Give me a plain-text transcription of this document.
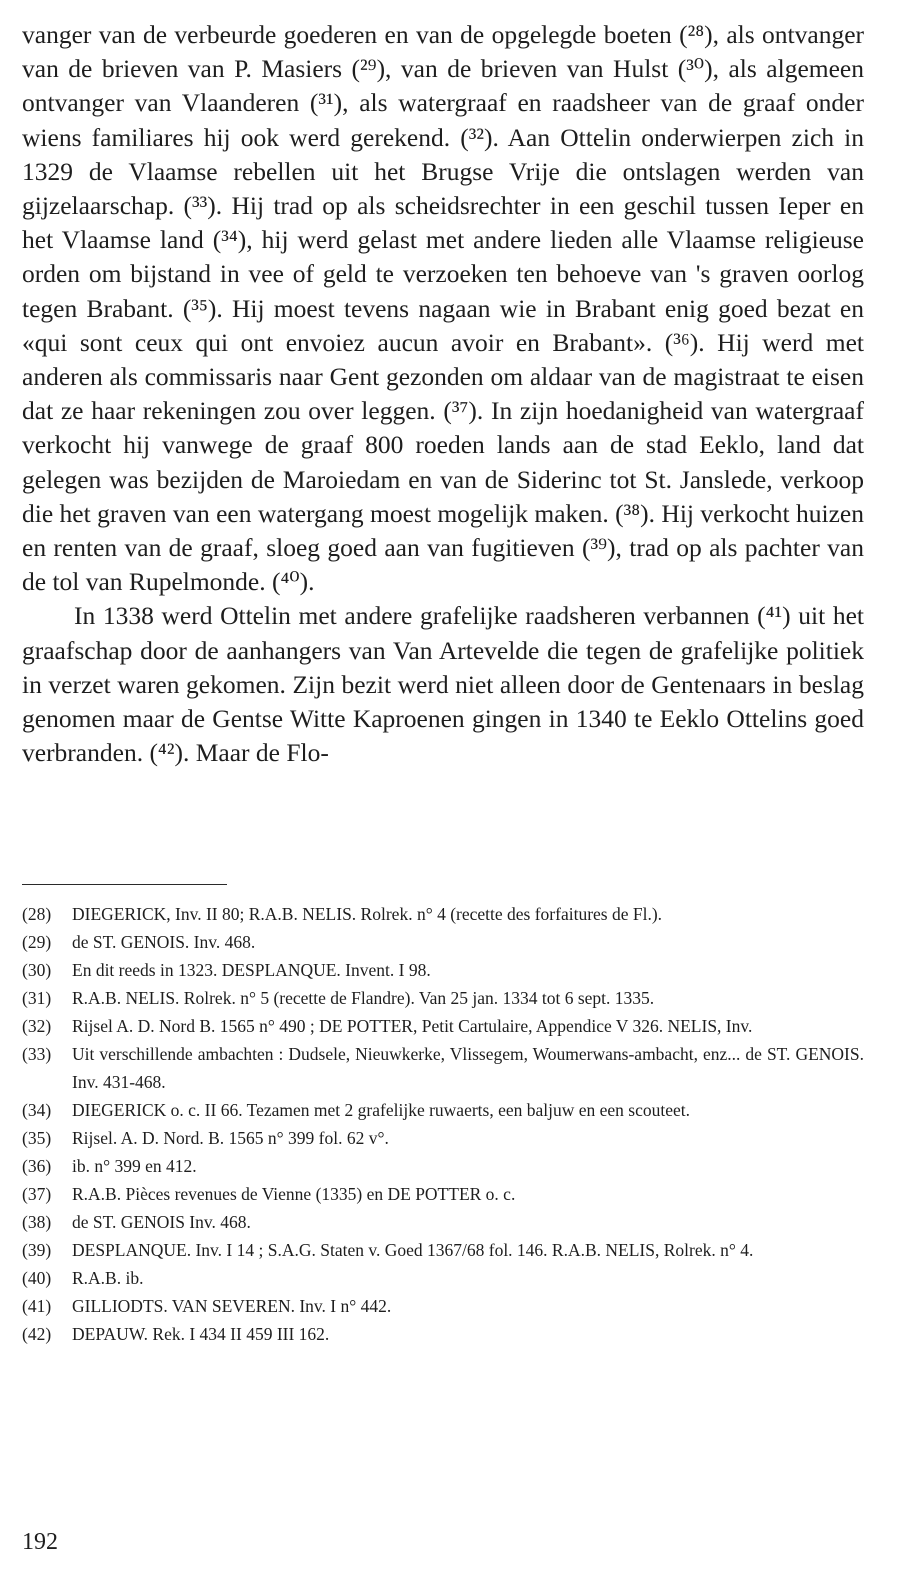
vanger van de verbeurde goederen en van de opgelegde boeten (²⁸), als ontvanger van de brieven van P. Masiers (²⁹), van de brieven van Hulst (³⁰), als algemeen ontvanger van Vlaanderen (³¹), als watergraaf en raadsheer van de graaf onder wiens familiares hij ook werd gerekend. (³²). Aan Ottelin onderwierpen zich in 1329 de Vlaamse rebellen uit het Brugse Vrije die ontslagen werden van gijzelaarschap. (³³). Hij trad op als scheidsrechter in een geschil tussen Ieper en het Vlaamse land (³⁴), hij werd gelast met andere lieden alle Vlaamse religieuse orden om bijstand in vee of geld te verzoeken ten behoeve van 's graven oorlog tegen Brabant. (³⁵). Hij moest tevens nagaan wie in Brabant enig goed bezat en «qui sont ceux qui ont envoiez aucun avoir en Brabant». (³⁶). Hij werd met anderen als commissaris naar Gent gezonden om aldaar van de magistraat te eisen dat ze haar rekeningen zou over leggen. (³⁷). In zijn hoedanigheid van watergraaf verkocht hij vanwege de graaf 800 roeden lands aan de stad Eeklo, land dat gelegen was bezijden de Maroiedam en van de Siderinc tot St. Janslede, verkoop die het graven van een watergang moest mogelijk maken. (³⁸). Hij verkocht huizen en renten van de graaf, sloeg goed aan van fugitieven (³⁹), trad op als pachter van de tol van Rupelmonde. (⁴⁰).

In 1338 werd Ottelin met andere grafelijke raadsheren verbannen (⁴¹) uit het graafschap door de aanhangers van Van Artevelde die tegen de grafelijke politiek in verzet waren gekomen. Zijn bezit werd niet alleen door de Gentenaars in beslag genomen maar de Gentse Witte Kaproenen gingen in 1340 te Eeklo Ottelins goed verbranden. (⁴²). Maar de Flo-

(28)	DIEGERICK, Inv. II 80; R.A.B. NELIS. Rolrek. n° 4 (recette des forfaitures de Fl.).
(29)	de ST. GENOIS. Inv. 468.
(30)	En dit reeds in 1323. DESPLANQUE. Invent. I 98.
(31)	R.A.B. NELIS. Rolrek. n° 5 (recette de Flandre). Van 25 jan. 1334 tot 6 sept. 1335.
(32)	Rijsel A. D. Nord B. 1565 n° 490 ; DE POTTER, Petit Cartulaire, Appendice V 326. NELIS, Inv.
(33)	Uit verschillende ambachten : Dudsele, Nieuwkerke, Vlissegem, Woumerwans-ambacht, enz... de ST. GENOIS. Inv. 431-468.
(34)	DIEGERICK o. c. II 66. Tezamen met 2 grafelijke ruwaerts, een baljuw en een scouteet.
(35)	Rijsel. A. D. Nord. B. 1565 n° 399 fol. 62 v°.
(36)	ib. n° 399 en 412.
(37)	R.A.B. Pièces revenues de Vienne (1335) en DE POTTER o. c.
(38)	de ST. GENOIS Inv. 468.
(39)	DESPLANQUE. Inv. I 14 ; S.A.G. Staten v. Goed 1367/68 fol. 146. R.A.B. NELIS, Rolrek. n° 4.
(40)	R.A.B. ib.
(41)	GILLIODTS. VAN SEVEREN. Inv. I n° 442.
(42)	DEPAUW. Rek. I 434 II 459 III 162.
192
